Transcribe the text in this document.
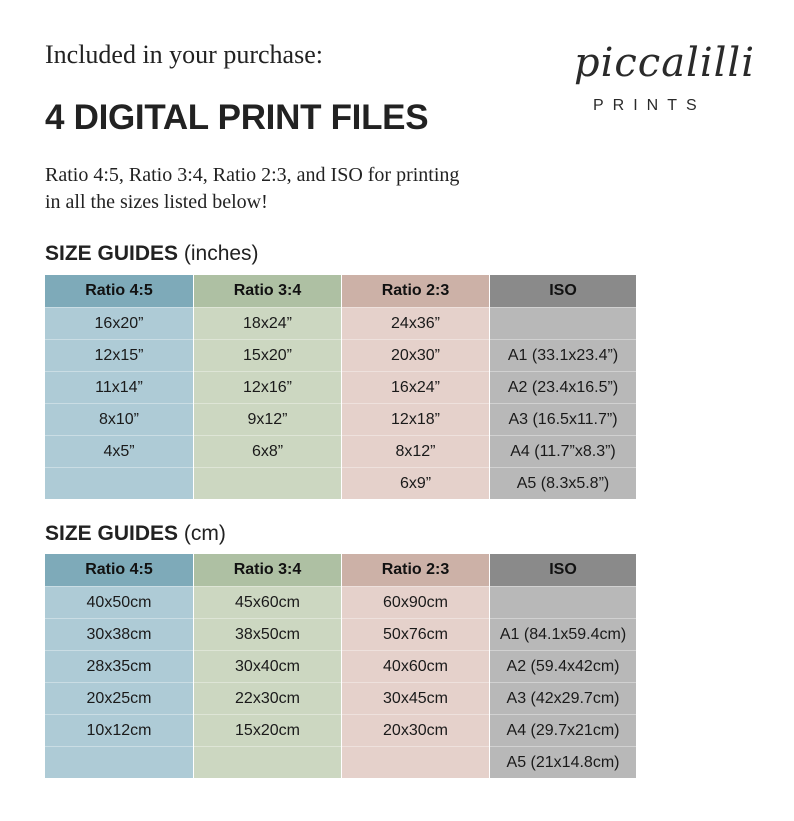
Included in your purchase:
4 DIGITAL PRINT FILES
Ratio 4:5, Ratio 3:4, Ratio 2:3, and ISO for printing
in all the sizes listed below!
piccalilli
PRINTS
SIZE GUIDES (inches)
Ratio 4:5
16x20”
12x15”
11x14”
8x10”
4x5”
Ratio 3:4
18x24”
15x20”
12x16”
9x12”
6x8”
Ratio 2:3
24x36”
20x30”
16x24”
12x18”
8x12”
6x9”
ISO
A1 (33.1x23.4”)
A2 (23.4x16.5”)
A3 (16.5x11.7”)
A4 (11.7”x8.3”)
A5 (8.3x5.8”)
SIZE GUIDES (cm)
Ratio 4:5
40x50cm
30x38cm
28x35cm
20x25cm
10x12cm
Ratio 3:4
45x60cm
38x50cm
30x40cm
22x30cm
15x20cm
Ratio 2:3
60x90cm
50x76cm
40x60cm
30x45cm
20x30cm
ISO
A1 (84.1x59.4cm)
A2 (59.4x42cm)
A3 (42x29.7cm)
A4 (29.7x21cm)
A5 (21x14.8cm)
